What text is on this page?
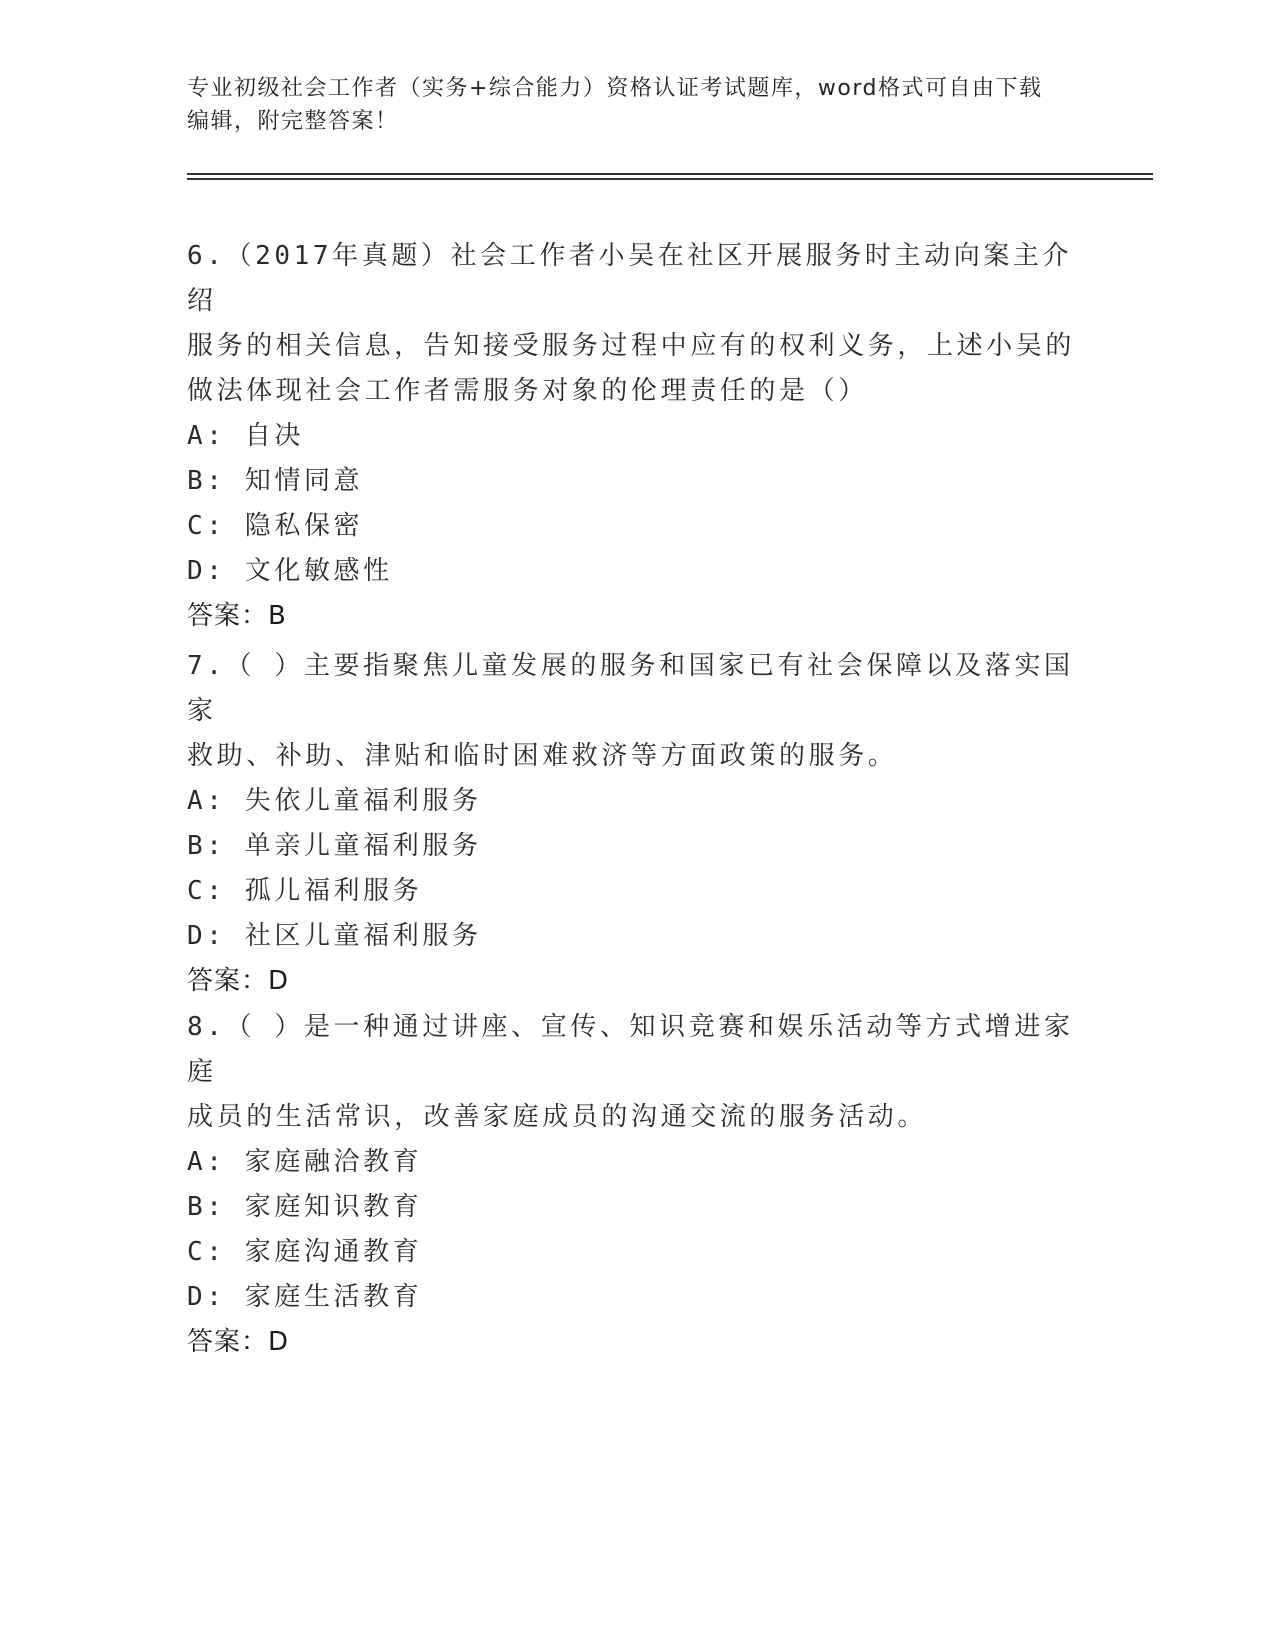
专业初级社会工作者（实务+综合能力）资格认证考试题库，word格式可自由下载
编辑，附完整答案！

6.（2017年真题）社会工作者小吴在社区开展服务时主动向案主介绍

服务的相关信息，告知接受服务过程中应有的权利义务，上述小吴的

做法体现社会工作者需服务对象的伦理责任的是（）

A: 自决

B: 知情同意

C: 隐私保密

D: 文化敏感性

答案：B

7.（ ）主要指聚焦儿童发展的服务和国家已有社会保障以及落实国家

救助、补助、津贴和临时困难救济等方面政策的服务。

A: 失依儿童福利服务

B: 单亲儿童福利服务

C: 孤儿福利服务

D: 社区儿童福利服务

答案：D

8.（ ）是一种通过讲座、宣传、知识竞赛和娱乐活动等方式增进家庭

成员的生活常识，改善家庭成员的沟通交流的服务活动。

A: 家庭融洽教育

B: 家庭知识教育

C: 家庭沟通教育

D: 家庭生活教育

答案：D
